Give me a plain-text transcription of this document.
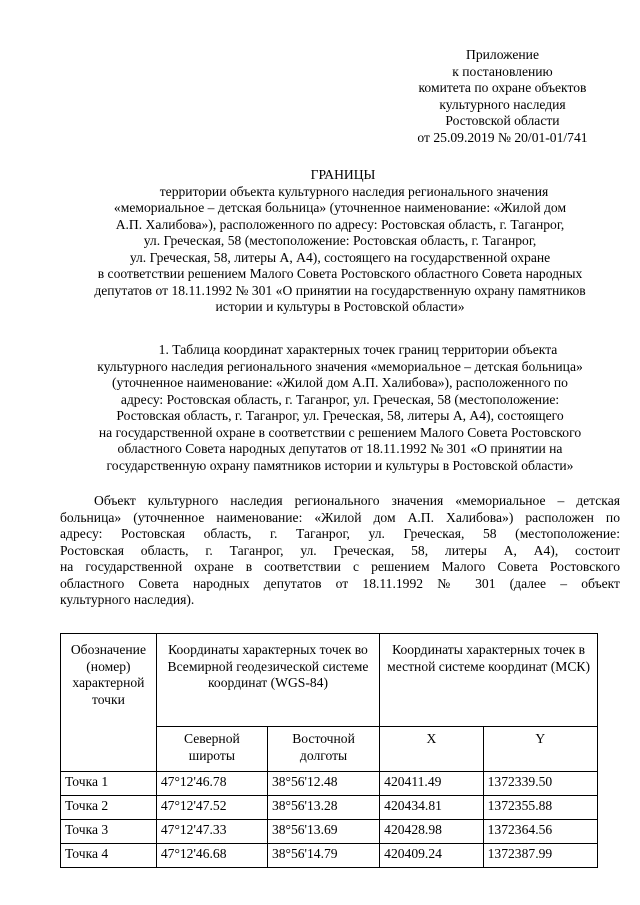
Приложение
к постановлению
комитета по охране объектов
культурного наследия
Ростовской области
от 25.09.2019 № 20/01-01/741
ГРАНИЦЫ
территории объекта культурного наследия регионального значения
«мемориальное – детская больница» (уточненное наименование: «Жилой дом
А.П. Халибова»), расположенного по адресу: Ростовская область, г. Таганрог,
ул. Греческая, 58 (местоположение: Ростовская область, г. Таганрог,
ул. Греческая, 58, литеры А, А4), состоящего на государственной охране
в соответствии решением Малого Совета Ростовского областного Совета народных
депутатов от 18.11.1992 № 301 «О принятии на государственную охрану памятников
истории и культуры в Ростовской области»
1. Таблица координат характерных точек границ территории объекта
культурного наследия регионального значения «мемориальное – детская больница»
(уточненное наименование: «Жилой дом А.П. Халибова»), расположенного по
адресу: Ростовская область, г. Таганрог, ул. Греческая, 58 (местоположение:
Ростовская область, г. Таганрог, ул. Греческая, 58, литеры А, А4), состоящего
на государственной охране в соответствии с решением Малого Совета Ростовского
областного Совета народных депутатов от 18.11.1992 № 301 «О принятии на
государственную охрану памятников истории и культуры в Ростовской области»
Объект культурного наследия регионального значения «мемориальное – детская
больница» (уточненное наименование: «Жилой дом А.П. Халибова») расположен по
адресу: Ростовская область, г. Таганрог, ул. Греческая, 58 (местоположение:
Ростовская область, г. Таганрог, ул. Греческая, 58, литеры А, А4), состоит
на государственной охране в соответствии с решением Малого Совета Ростовского
областного Совета народных депутатов от 18.11.1992 № 301 (далее – объект
культурного наследия).
Обозначение (номер) характерной точки	Координаты характерных точек во Всемирной геодезической системе координат (WGS-84)		Координаты характерных точек в местной системе координат (МСК)	
	Северной широты	Восточной долготы	X	Y
Точка 1	47°12'46.78	38°56'12.48	420411.49	1372339.50
Точка 2	47°12'47.52	38°56'13.28	420434.81	1372355.88
Точка 3	47°12'47.33	38°56'13.69	420428.98	1372364.56
Точка 4	47°12'46.68	38°56'14.79	420409.24	1372387.99
